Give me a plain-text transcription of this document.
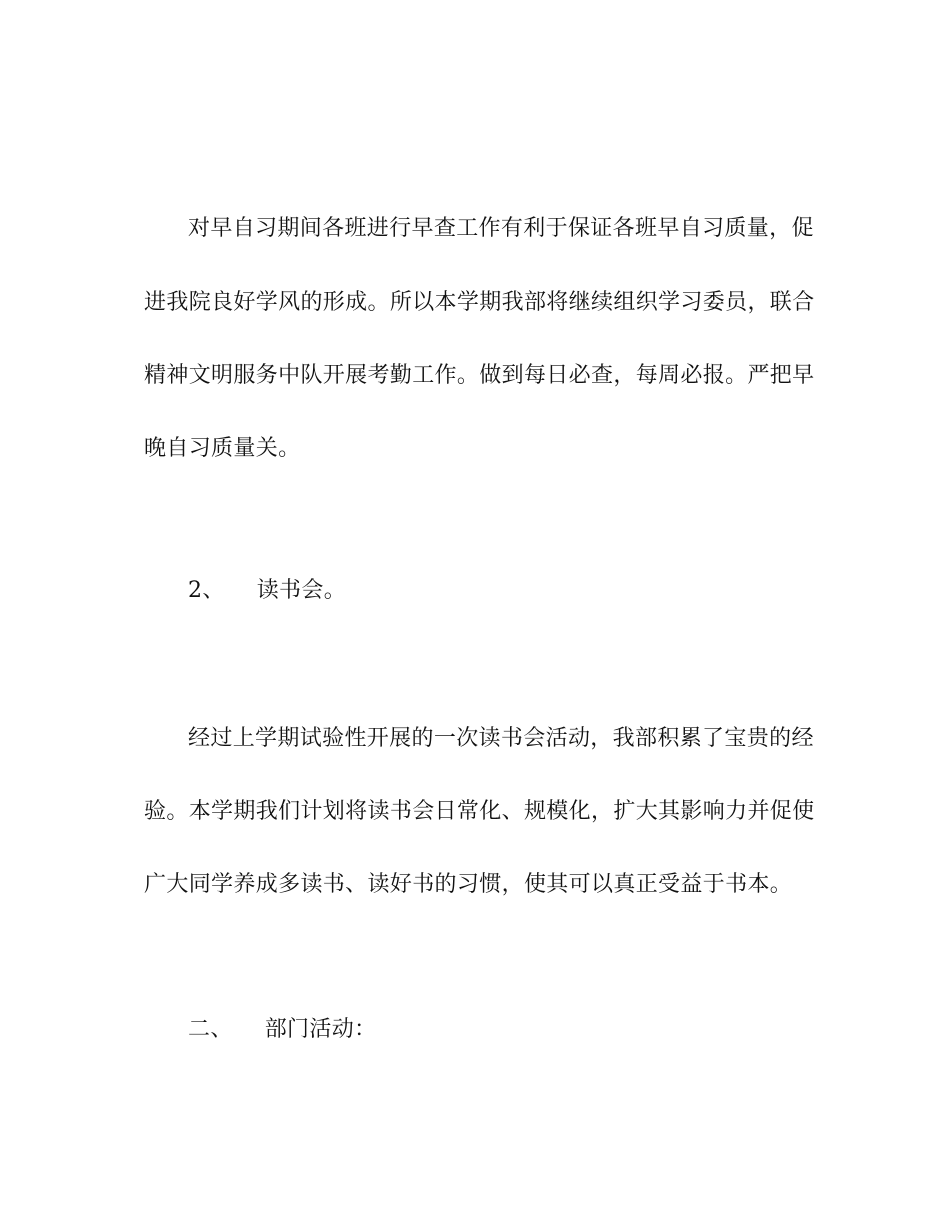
对早自习期间各班进行早查工作有利于保证各班早自习质量，促
进我院良好学风的形成。所以本学期我部将继续组织学习委员，联合
精神文明服务中队开展考勤工作。做到每日必查，每周必报。严把早
晚自习质量关。
2、 读书会。
经过上学期试验性开展的一次读书会活动，我部积累了宝贵的经
验。本学期我们计划将读书会日常化、规模化，扩大其影响力并促使
广大同学养成多读书、读好书的习惯，使其可以真正受益于书本。
二、 部门活动：
